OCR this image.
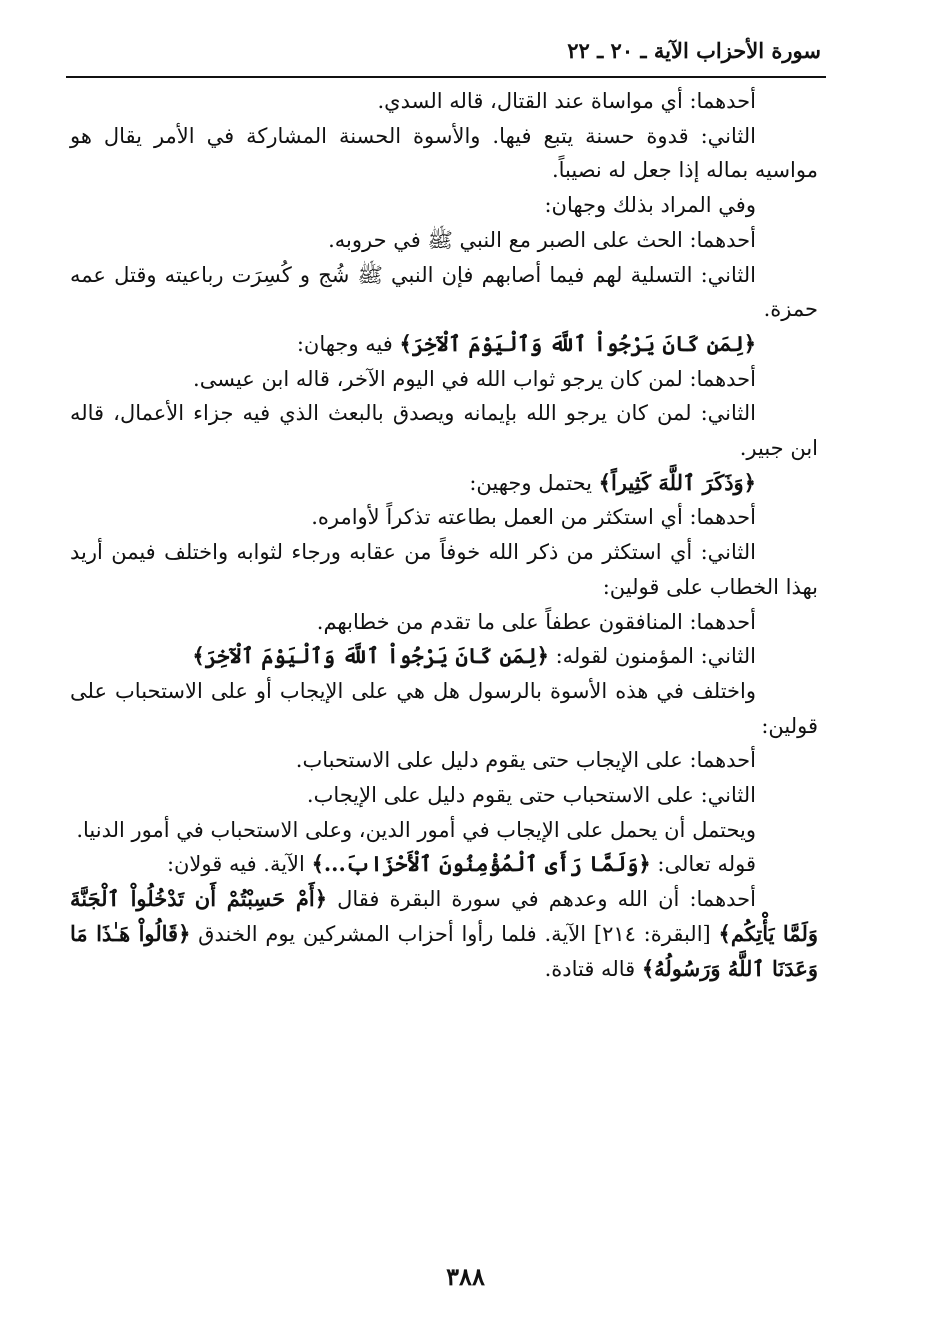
سورة الأحزاب الآية ـ ٢٠ ـ ٢٢

أحدهما: أي مواساة عند القتال، قاله السدي.

الثاني: قدوة حسنة يتبع فيها. والأسوة الحسنة المشاركة في الأمر يقال هو مواسيه بماله إذا جعل له نصيباً.

وفي المراد بذلك وجهان:

أحدهما: الحث على الصبر مع النبي ﷺ في حروبه.

الثاني: التسلية لهم فيما أصابهم فإن النبي ﷺ شُج و كُسِرَت رباعيته وقتل عمه حمزة.

﴿لِمَن كَانَ يَرْجُواْ ٱللَّهَ وَٱلْيَوْمَ ٱلْآخِرَ﴾ فيه وجهان:

أحدهما: لمن كان يرجو ثواب الله في اليوم الآخر، قاله ابن عيسى.

الثاني: لمن كان يرجو الله بإيمانه ويصدق بالبعث الذي فيه جزاء الأعمال، قاله ابن جبير.

﴿وَذَكَرَ ٱللَّهَ كَثِيراً﴾ يحتمل وجهين:

أحدهما: أي استكثر من العمل بطاعته تذكراً لأوامره.

الثاني: أي استكثر من ذكر الله خوفاً من عقابه ورجاء لثوابه واختلف فيمن أريد بهذا الخطاب على قولين:

أحدهما: المنافقون عطفاً على ما تقدم من خطابهم.

الثاني: المؤمنون لقوله: ﴿لِمَن كَانَ يَرْجُواْ ٱللَّهَ وَٱلْيَوْمَ ٱلْآخِرَ﴾

واختلف في هذه الأسوة بالرسول هل هي على الإيجاب أو على الاستحباب على قولين:

أحدهما: على الإيجاب حتى يقوم دليل على الاستحباب.

الثاني: على الاستحباب حتى يقوم دليل على الإيجاب.

ويحتمل أن يحمل على الإيجاب في أمور الدين، وعلى الاستحباب في أمور الدنيا.

قوله تعالى: ﴿وَلَمَّا رَأَى ٱلْمُؤْمِنُونَ ٱلْأَحْزَابَ...﴾ الآية. فيه قولان:

أحدهما: أن الله وعدهم في سورة البقرة فقال ﴿أَمْ حَسِبْتُمْ أَن تَدْخُلُواْ ٱلْجَنَّةَ وَلَمَّا يَأْتِكُم﴾ [البقرة: ٢١٤] الآية. فلما رأوا أحزاب المشركين يوم الخندق ﴿قَالُواْ هَـٰذَا مَا وَعَدَنَا ٱللَّهُ وَرَسُولُهُ﴾ قاله قتادة.

٣٨٨
